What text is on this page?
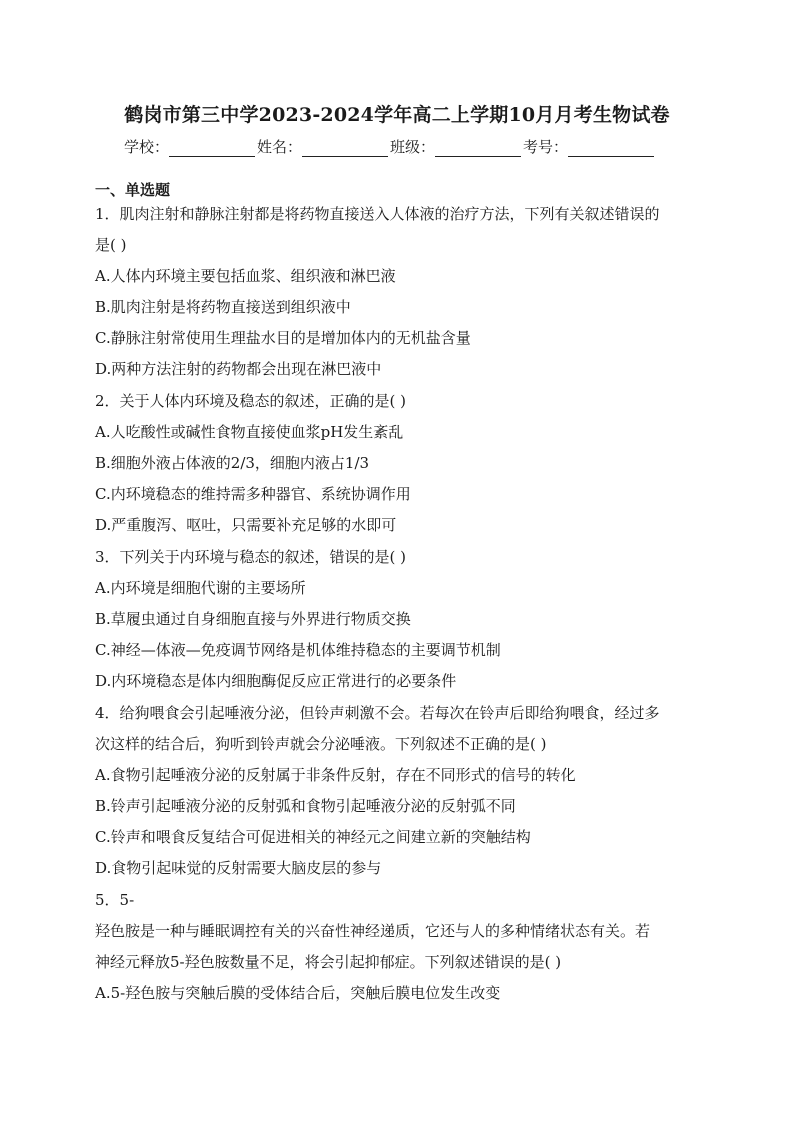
鹤岗市第三中学2023-2024学年高二上学期10月月考生物试卷
学校：	姓名：	班级：	考号：
一、单选题
1．肌肉注射和静脉注射都是将药物直接送入人体液的治疗方法，下列有关叙述错误的
是( )
A.人体内环境主要包括血浆、组织液和淋巴液
B.肌肉注射是将药物直接送到组织液中
C.静脉注射常使用生理盐水目的是增加体内的无机盐含量
D.两种方法注射的药物都会出现在淋巴液中
2．关于人体内环境及稳态的叙述，正确的是( )
A.人吃酸性或碱性食物直接使血浆pH发生紊乱
B.细胞外液占体液的2/3，细胞内液占1/3
C.内环境稳态的维持需多种器官、系统协调作用
D.严重腹泻、呕吐，只需要补充足够的水即可
3．下列关于内环境与稳态的叙述，错误的是( )
A.内环境是细胞代谢的主要场所
B.草履虫通过自身细胞直接与外界进行物质交换
C.神经—体液—免疫调节网络是机体维持稳态的主要调节机制
D.内环境稳态是体内细胞酶促反应正常进行的必要条件
4．给狗喂食会引起唾液分泌，但铃声刺激不会。若每次在铃声后即给狗喂食，经过多
次这样的结合后，狗听到铃声就会分泌唾液。下列叙述不正确的是( )
A.食物引起唾液分泌的反射属于非条件反射，存在不同形式的信号的转化
B.铃声引起唾液分泌的反射弧和食物引起唾液分泌的反射弧不同
C.铃声和喂食反复结合可促进相关的神经元之间建立新的突触结构
D.食物引起味觉的反射需要大脑皮层的参与
5．5-
羟色胺是一种与睡眠调控有关的兴奋性神经递质，它还与人的多种情绪状态有关。若
神经元释放5-羟色胺数量不足，将会引起抑郁症。下列叙述错误的是( )
A.5-羟色胺与突触后膜的受体结合后，突触后膜电位发生改变
